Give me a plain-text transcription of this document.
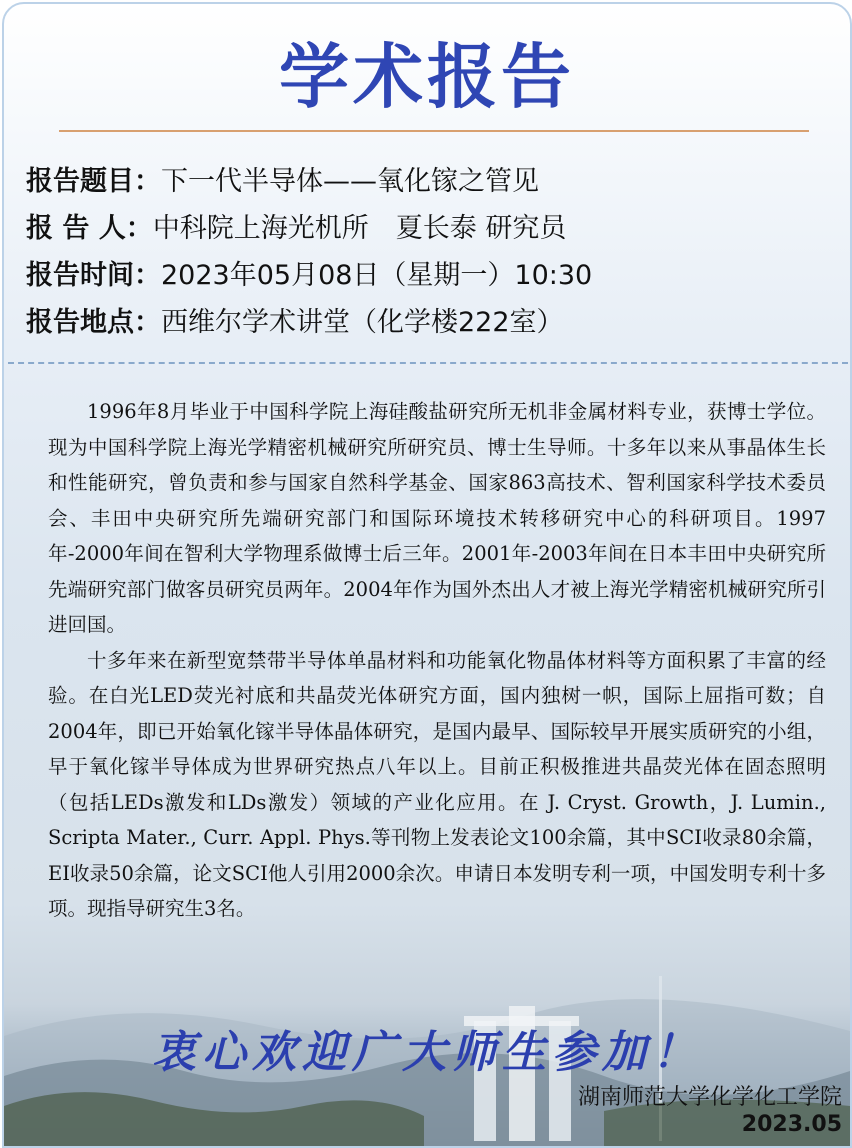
学术报告
报告题目：下一代半导体——氧化镓之管见
报 告 人：中科院上海光机所　夏长泰 研究员
报告时间：2023年05月08日（星期一）10:30
报告地点：西维尔学术讲堂（化学楼222室）

1996年8月毕业于中国科学院上海硅酸盐研究所无机非金属材料专业，获博士学位。现为中国科学院上海光学精密机械研究所研究员、博士生导师。十多年以来从事晶体生长和性能研究，曾负责和参与国家自然科学基金、国家863高技术、智利国家科学技术委员会、丰田中央研究所先端研究部门和国际环境技术转移研究中心的科研项目。1997年-2000年间在智利大学物理系做博士后三年。2001年-2003年间在日本丰田中央研究所先端研究部门做客员研究员两年。2004年作为国外杰出人才被上海光学精密机械研究所引进回国。

十多年来在新型宽禁带半导体单晶材料和功能氧化物晶体材料等方面积累了丰富的经验。在白光LED荧光衬底和共晶荧光体研究方面，国内独树一帜，国际上屈指可数；自2004年，即已开始氧化镓半导体晶体研究，是国内最早、国际较早开展实质研究的小组，早于氧化镓半导体成为世界研究热点八年以上。目前正积极推进共晶荧光体在固态照明（包括LEDs激发和LDs激发）领域的产业化应用。在 J. Cryst. Growth，J. Lumin., Scripta Mater., Curr. Appl. Phys.等刊物上发表论文100余篇，其中SCI收录80余篇，EI收录50余篇，论文SCI他人引用2000余次。申请日本发明专利一项，中国发明专利十多项。现指导研究生3名。

衷心欢迎广大师生参加！
湖南师范大学化学化工学院
2023.05
